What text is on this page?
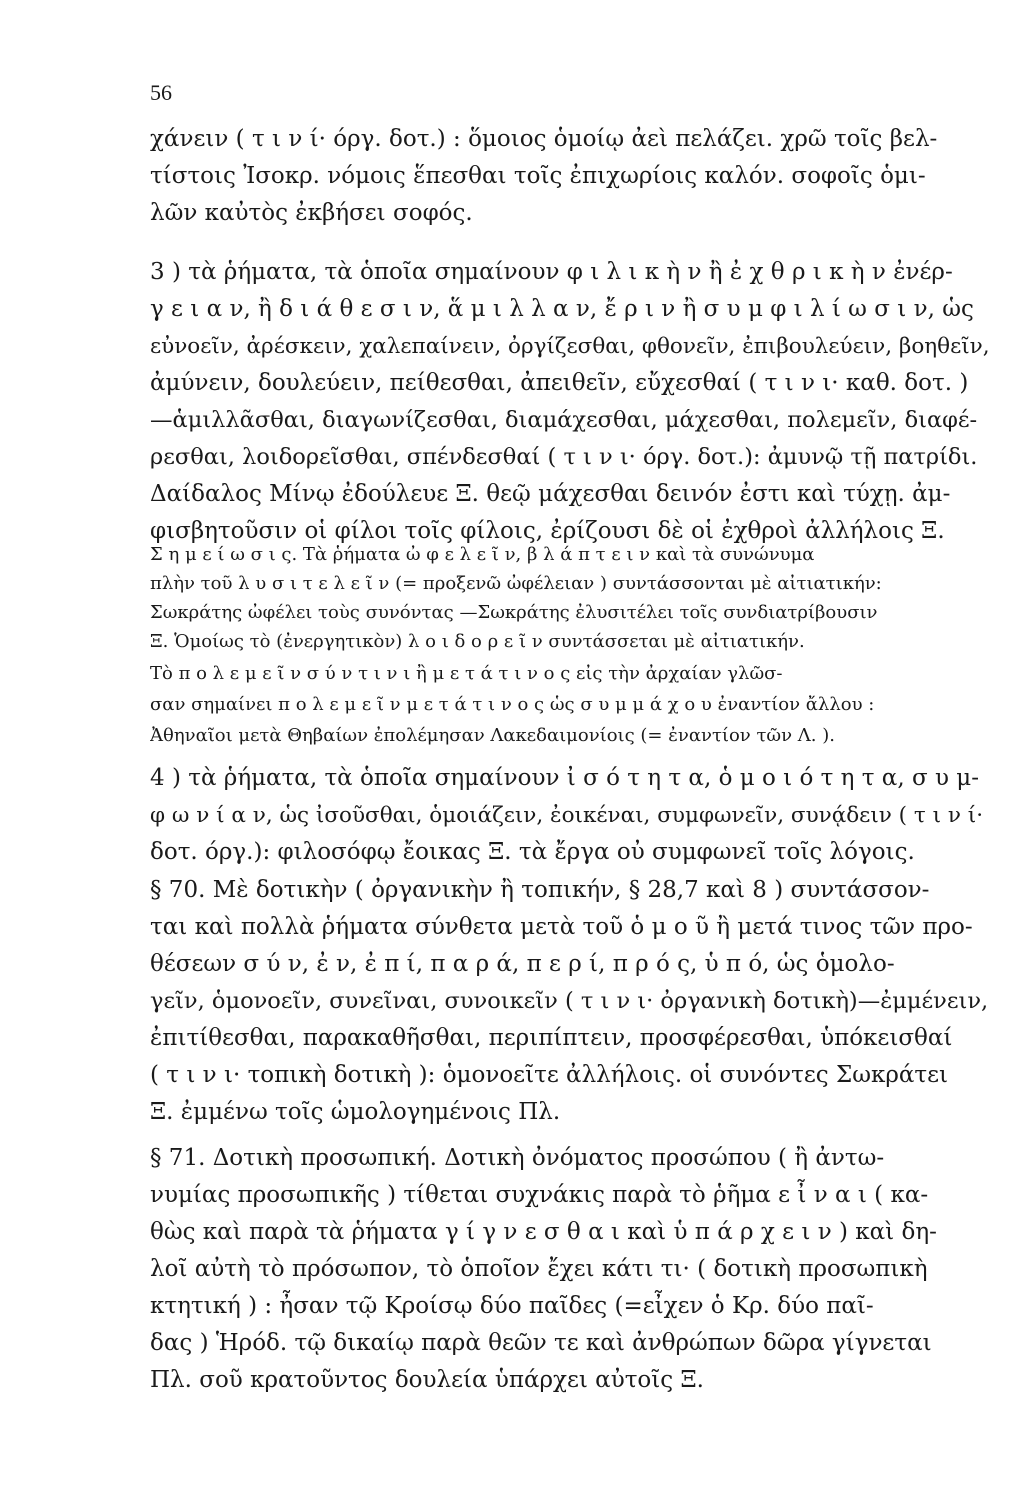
56
χάνειν ( τ ι ν ί· όργ. δοτ.) : ὅμοιος ὁμοίῳ ἀεὶ πελάζει. χρῶ τοῖς βελ-
τίστοις Ἰσοκρ. νόμοις ἕπεσθαι τοῖς ἐπιχωρίοις καλόν. σοφοῖς ὁμι-
λῶν καὐτὸς ἐκβήσει σοφός.
3 ) τὰ ῥήματα, τὰ ὁποῖα σημαίνουν φ ι λ ι κ ὴ ν ἢ ἐ χ θ ρ ι κ ὴ ν ἐνέρ-
γ ε ι α ν, ἢ δ ι ά θ ε σ ι ν, ἅ μ ι λ λ α ν, ἔ ρ ι ν ἢ σ υ μ φ ι λ ί ω σ ι ν, ὡς
εὐνοεῖν, ἀρέσκειν, χαλεπαίνειν, ὀργίζεσθαι, φθονεῖν, ἐπιβουλεύειν, βοηθεῖν,
ἀμύνειν, δουλεύειν, πείθεσθαι, ἀπειθεῖν, εὔχεσθαί ( τ ι ν ι· καθ. δοτ. )
—ἁμιλλᾶσθαι, διαγωνίζεσθαι, διαμάχεσθαι, μάχεσθαι, πολεμεῖν, διαφέ-
ρεσθαι, λοιδορεῖσθαι, σπένδεσθαί ( τ ι ν ι· όργ. δοτ.): ἀμυνῷ τῇ πατρίδι.
Δαίδαλος Μίνῳ ἐδούλευε Ξ. θεῷ μάχεσθαι δεινόν ἐστι καὶ τύχῃ. ἀμ-
φισβητοῦσιν οἱ φίλοι τοῖς φίλοις, ἐρίζουσι δὲ οἱ ἐχθροὶ ἀλλήλοις Ξ.
Σ η μ ε ί ω σ ι ς. Τὰ ῥήματα ὠ φ ε λ ε ῖ ν, β λ ά π τ ε ι ν καὶ τὰ συνώνυμα
πλὴν τοῦ λ υ σ ι τ ε λ ε ῖ ν (= προξενῶ ὠφέλειαν ) συντάσσονται μὲ αἰτιατικήν:
Σωκράτης ὠφέλει τοὺς συνόντας —Σωκράτης ἐλυσιτέλει τοῖς συνδιατρίβουσιν
Ξ. Ὁμοίως τὸ (ἐνεργητικὸν) λ ο ι δ ο ρ ε ῖ ν συντάσσεται μὲ αἰτιατικήν.
Τὸ π ο λ ε μ ε ῖ ν σ ύ ν τ ι ν ι ἢ μ ε τ ά τ ι ν ο ς εἰς τὴν ἀρχαίαν γλῶσ-
σαν σημαίνει π ο λ ε μ ε ῖ ν μ ε τ ά τ ι ν ο ς ὡς σ υ μ μ ά χ ο υ ἐναντίον ἄλλου :
Ἀθηναῖοι μετὰ Θηβαίων ἐπολέμησαν Λακεδαιμονίοις (= ἐναντίον τῶν Λ. ).
4 ) τὰ ῥήματα, τὰ ὁποῖα σημαίνουν ἰ σ ό τ η τ α, ὁ μ ο ι ό τ η τ α, σ υ μ-
φ ω ν ί α ν, ὡς ἰσοῦσθαι, ὁμοιάζειν, ἐοικέναι, συμφωνεῖν, συνᾴδειν ( τ ι ν ί·
δοτ. όργ.): φιλοσόφῳ ἔοικας Ξ. τὰ ἔργα οὐ συμφωνεῖ τοῖς λόγοις.
§ 70. Μὲ δοτικὴν ( ὀργανικὴν ἢ τοπικήν, § 28,7 καὶ 8 ) συντάσσον-
ται καὶ πολλὰ ῥήματα σύνθετα μετὰ τοῦ ὁ μ ο ῦ ἢ μετά τινος τῶν προ-
θέσεων σ ύ ν, ἐ ν, ἐ π ί, π α ρ ά, π ε ρ ί, π ρ ό ς, ὑ π ό, ὡς ὁμολο-
γεῖν, ὁμονοεῖν, συνεῖναι, συνοικεῖν ( τ ι ν ι· ὀργανικὴ δοτικὴ)—ἐμμένειν,
ἐπιτίθεσθαι, παρακαθῆσθαι, περιπίπτειν, προσφέρεσθαι, ὑπόκεισθαί
( τ ι ν ι· τοπικὴ δοτικὴ ): ὁμονοεῖτε ἀλλήλοις. οἱ συνόντες Σωκράτει
Ξ. ἐμμένω τοῖς ὡμολογημένοις Πλ.
§ 71. Δοτικὴ προσωπική. Δοτικὴ ὀνόματος προσώπου ( ἢ ἀντω-
νυμίας προσωπικῆς ) τίθεται συχνάκις παρὰ τὸ ῥῆμα ε ἶ ν α ι ( κα-
θὼς καὶ παρὰ τὰ ῥήματα γ ί γ ν ε σ θ α ι καὶ ὑ π ά ρ χ ε ι ν ) καὶ δη-
λοῖ αὐτὴ τὸ πρόσωπον, τὸ ὁποῖον ἔχει κάτι τι· ( δοτικὴ προσωπικὴ
κτητική ) : ἦσαν τῷ Κροίσῳ δύο παῖδες (=εἶχεν ὁ Κρ. δύο παῖ-
δας ) Ἡρόδ. τῷ δικαίῳ παρὰ θεῶν τε καὶ ἀνθρώπων δῶρα γίγνεται
Πλ. σοῦ κρατοῦντος δουλεία ὑπάρχει αὐτοῖς Ξ.
